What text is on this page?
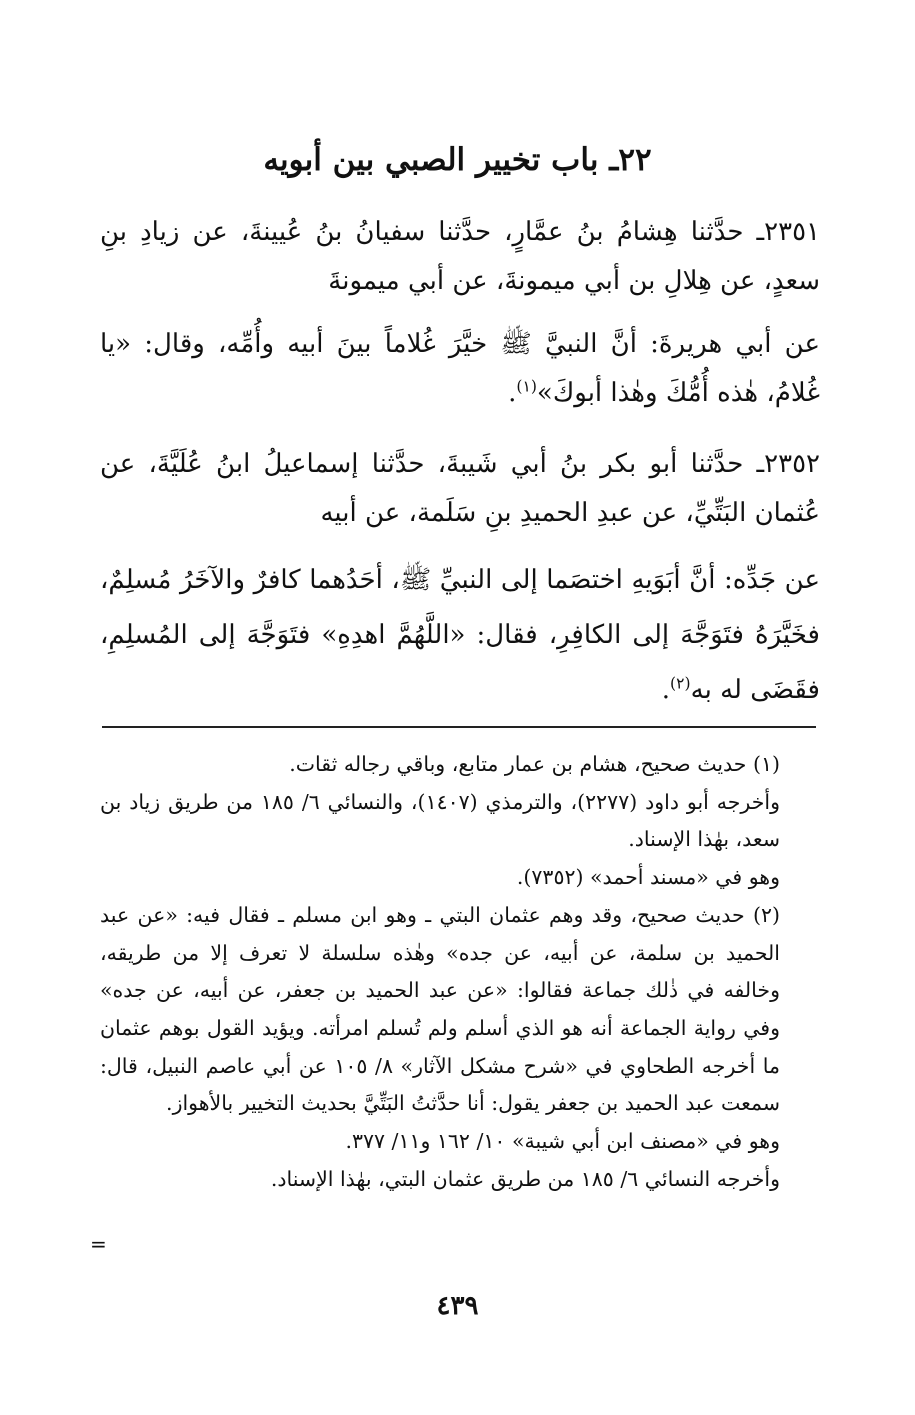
٢٢ـ باب تخيير الصبي بين أبويه

٢٣٥١ـ حدَّثنا هِشامُ بنُ عمَّارٍ، حدَّثنا سفيانُ بنُ عُيينةَ، عن زيادِ بنِ سعدٍ، عن هِلالِ بن أبي ميمونةَ، عن أبي ميمونةَ

عن أبي هريرةَ: أنَّ النبيَّ ﷺ خيَّرَ غُلاماً بينَ أبيه وأُمِّه، وقال: «يا غُلامُ، هٰذه أُمُّكَ وهٰذا أبوكَ»$^{(١)}$.

٢٣٥٢ـ حدَّثنا أبو بكر بنُ أبي شَيبةَ، حدَّثنا إسماعيلُ ابنُ عُلَيَّةَ، عن عُثمان البَتِّيِّ، عن عبدِ الحميدِ بنِ سَلَمة، عن أبيه

عن جَدِّه: أنَّ أبَوَيهِ اختصَما إلى النبيِّ ﷺ، أحَدُهما كافرٌ والآخَرُ مُسلِمٌ، فخَيَّرَهُ فتَوَجَّهَ إلى الكافِرِ، فقال: «اللَّهُمَّ اهدِهِ» فتَوَجَّهَ إلى المُسلِمِ، فقَضَى له به$^{(٢)}$.

(١) حديث صحيح، هشام بن عمار متابع، وباقي رجاله ثقات.

وأخرجه أبو داود (٢٢٧٧)، والترمذي (١٤٠٧)، والنسائي ٦/ ١٨٥ من طريق زياد بن سعد، بهٰذا الإسناد.

وهو في «مسند أحمد» (٧٣٥٢).

(٢) حديث صحيح، وقد وهم عثمان البتي ـ وهو ابن مسلم ـ فقال فيه: «عن عبد الحميد بن سلمة، عن أبيه، عن جده» وهٰذه سلسلة لا تعرف إلا من طريقه، وخالفه في ذٰلك جماعة فقالوا: «عن عبد الحميد بن جعفر، عن أبيه، عن جده» وفي رواية الجماعة أنه هو الذي أسلم ولم تُسلم امرأته. ويؤيد القول بوهم عثمان ما أخرجه الطحاوي في «شرح مشكل الآثار» ٨/ ١٠٥ عن أبي عاصم النبيل، قال: سمعت عبد الحميد بن جعفر يقول: أنا حدَّثتُ البَتِّيَّ بحديث التخيير بالأهواز.

وهو في «مصنف ابن أبي شيبة» ١٠/ ١٦٢ و١١/ ٣٧٧.

وأخرجه النسائي ٦/ ١٨٥ من طريق عثمان البتي، بهٰذا الإسناد.

=
٤٣٩
